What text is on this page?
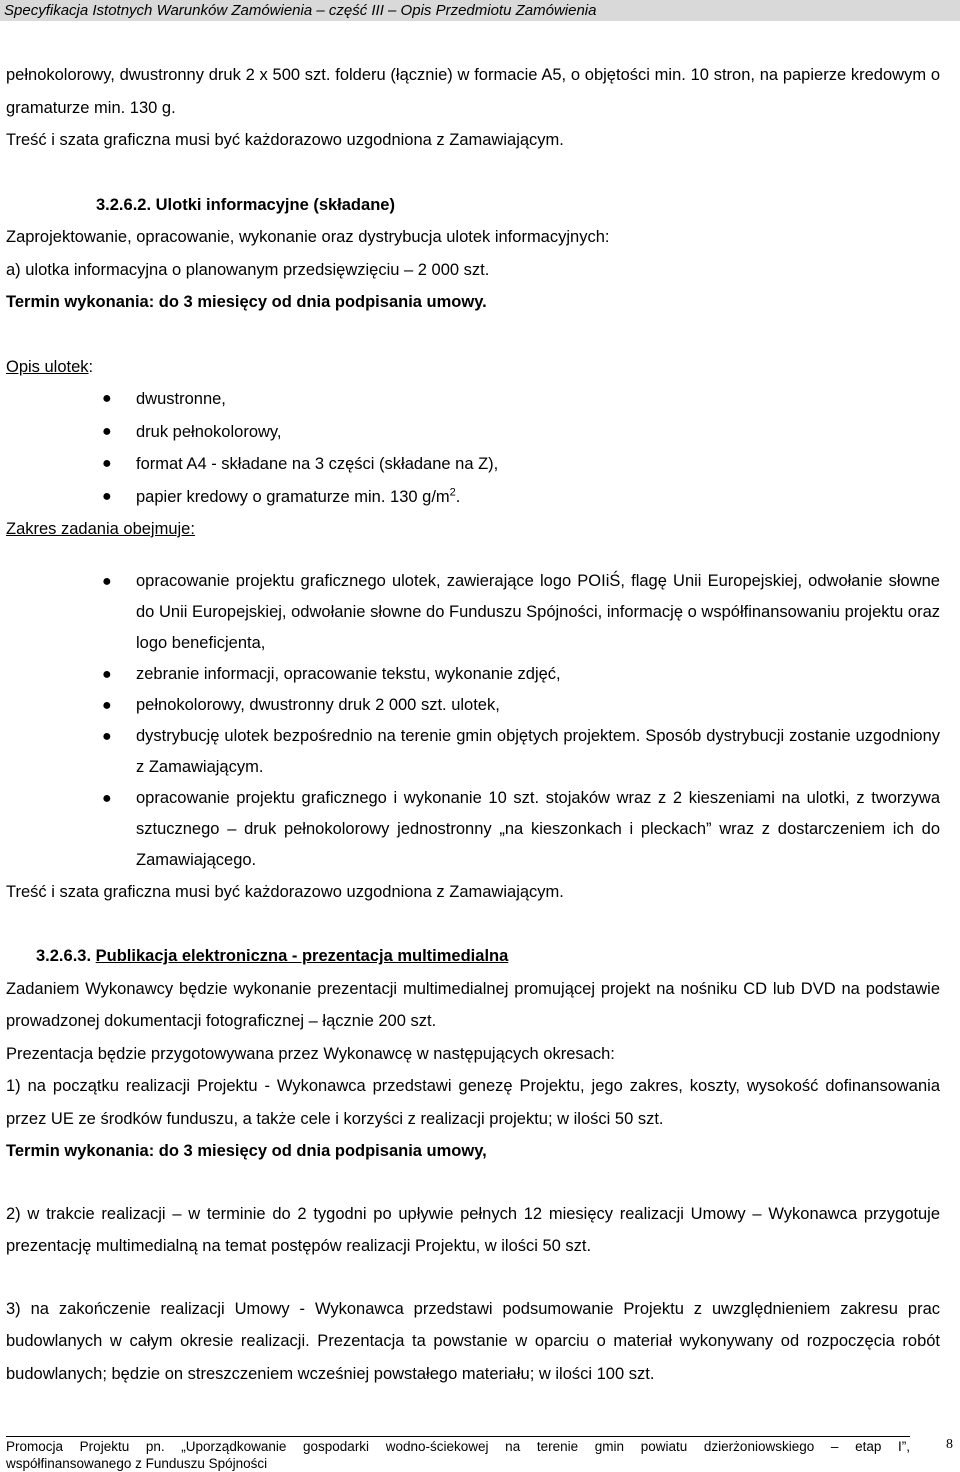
Specyfikacja Istotnych Warunków Zamówienia – część III – Opis Przedmiotu Zamówienia

pełnokolorowy, dwustronny druk 2 x 500 szt. folderu (łącznie) w formacie A5, o objętości min. 10 stron, na papierze kredowym o gramaturze min. 130 g.

Treść i szata graficzna musi być każdorazowo uzgodniona z Zamawiającym.

3.2.6.2. Ulotki informacyjne (składane)

Zaprojektowanie, opracowanie, wykonanie oraz dystrybucja ulotek informacyjnych:

a) ulotka informacyjna o planowanym przedsięwzięciu – 2 000 szt.

Termin wykonania: do 3 miesięcy od dnia podpisania umowy.

Opis ulotek:

● dwustronne,
● druk pełnokolorowy,
● format A4 - składane na 3 części (składane na Z),
● papier kredowy o gramaturze min. 130 $g/m^2$.

Zakres zadania obejmuje:

● opracowanie projektu graficznego ulotek, zawierające logo POIiŚ, flagę Unii Europejskiej, odwołanie słowne do Unii Europejskiej, odwołanie słowne do Funduszu Spójności, informację o współfinansowaniu projektu oraz logo beneficjenta,
● zebranie informacji, opracowanie tekstu, wykonanie zdjęć,
● pełnokolorowy, dwustronny druk 2 000 szt. ulotek,
● dystrybucję ulotek bezpośrednio na terenie gmin objętych projektem. Sposób dystrybucji zostanie uzgodniony z Zamawiającym.
● opracowanie projektu graficznego i wykonanie 10 szt. stojaków wraz z 2 kieszeniami na ulotki, z tworzywa sztucznego – druk pełnokolorowy jednostronny „na kieszonkach i pleckach” wraz z dostarczeniem ich do Zamawiającego.

Treść i szata graficzna musi być każdorazowo uzgodniona z Zamawiającym.

3.2.6.3. Publikacja elektroniczna - prezentacja multimedialna

Zadaniem Wykonawcy będzie wykonanie prezentacji multimedialnej promującej projekt na nośniku CD lub DVD na podstawie prowadzonej dokumentacji fotograficznej – łącznie 200 szt.

Prezentacja będzie przygotowywana przez Wykonawcę w następujących okresach:

1) na początku realizacji Projektu - Wykonawca przedstawi genezę Projektu, jego zakres, koszty, wysokość dofinansowania przez UE ze środków funduszu, a także cele i korzyści z realizacji projektu; w ilości 50 szt.

Termin wykonania: do 3 miesięcy od dnia podpisania umowy,

2) w trakcie realizacji – w terminie do 2 tygodni po upływie pełnych 12 miesięcy realizacji Umowy – Wykonawca przygotuje prezentację multimedialną na temat postępów realizacji Projektu, w ilości 50 szt.

3) na zakończenie realizacji Umowy - Wykonawca przedstawi podsumowanie Projektu z uwzględnieniem zakresu prac budowlanych w całym okresie realizacji. Prezentacja ta powstanie w oparciu o materiał wykonywany od rozpoczęcia robót budowlanych; będzie on streszczeniem wcześniej powstałego materiału; w ilości 100 szt.

Promocja Projektu pn. „Uporządkowanie gospodarki wodno-ściekowej na terenie gmin powiatu dzierżoniowskiego – etap I”,
współfinansowanego z Funduszu Spójności
8
